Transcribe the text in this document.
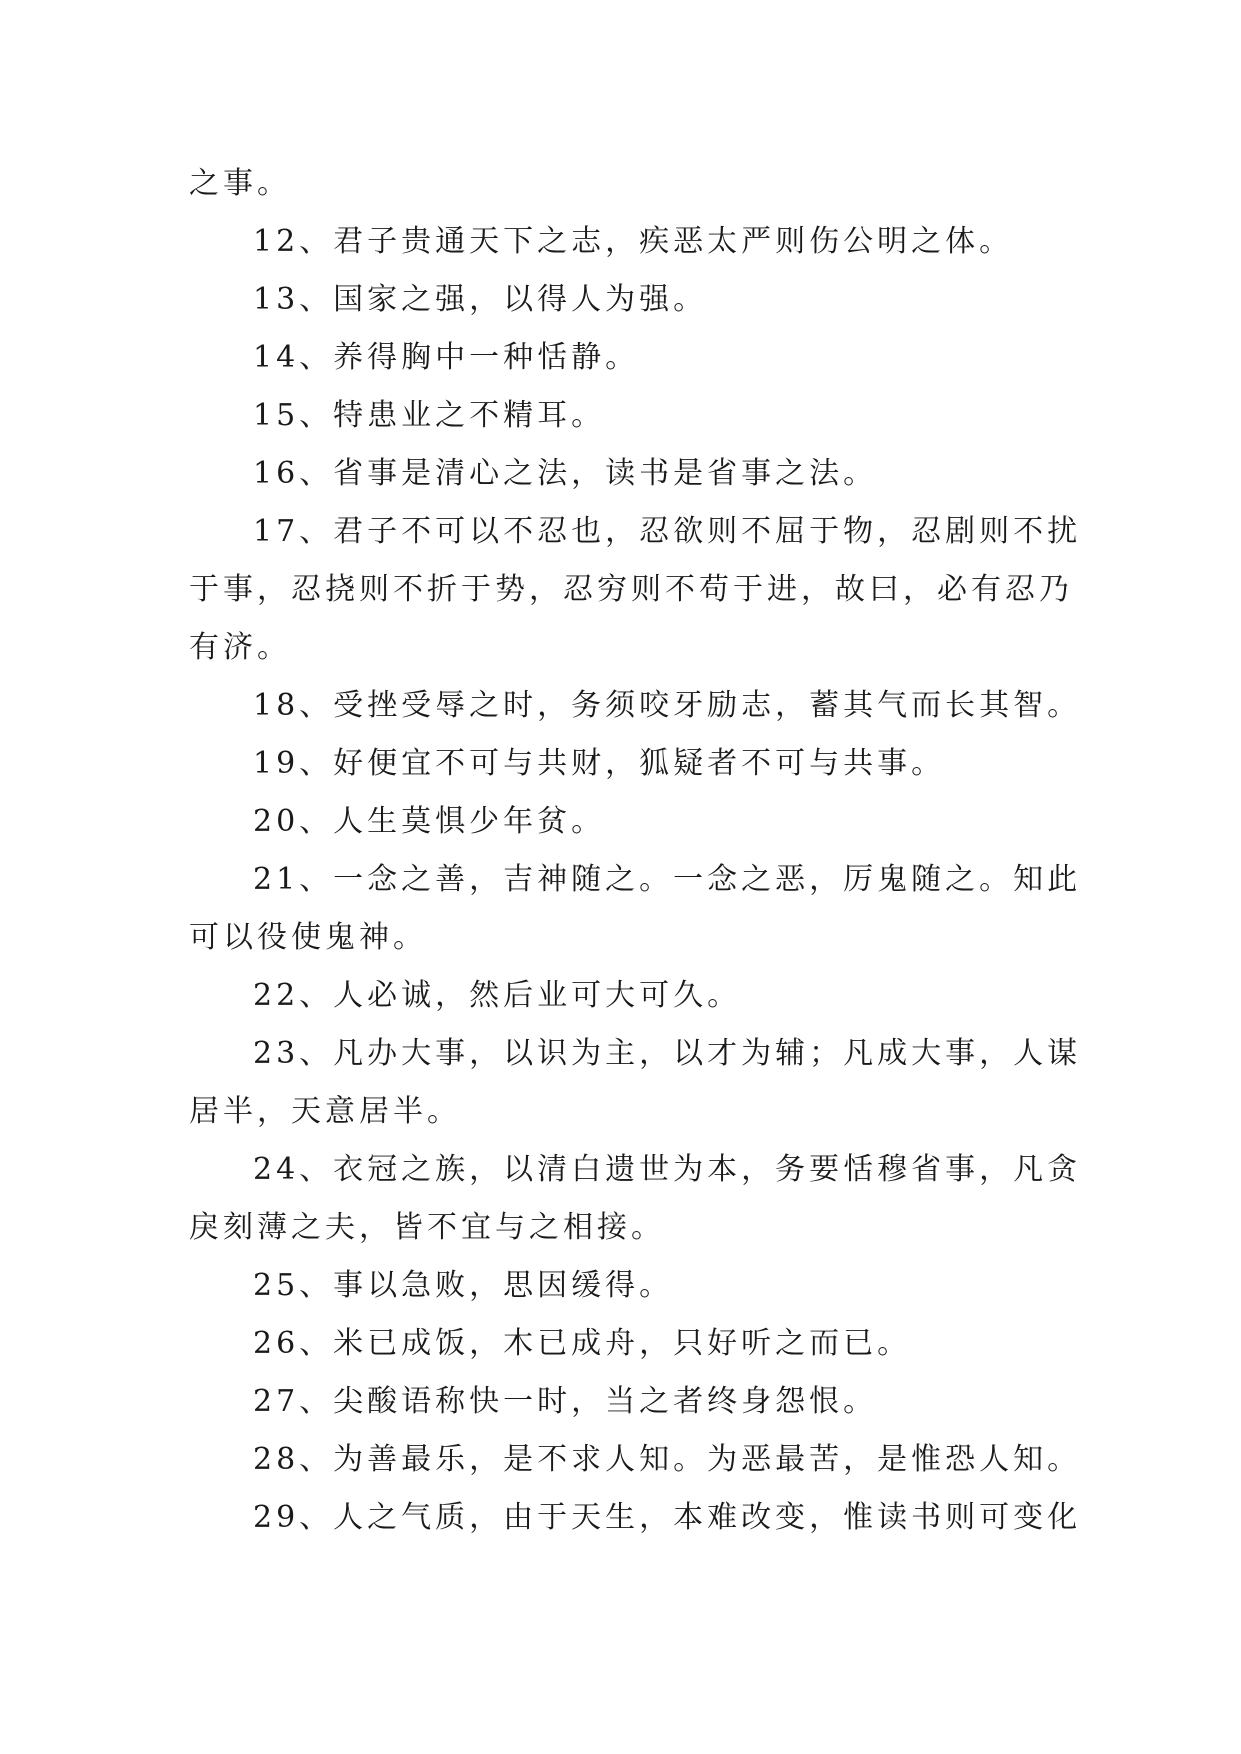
之事。

12、君子贵通天下之志，疾恶太严则伤公明之体。

13、国家之强，以得人为强。

14、养得胸中一种恬静。

15、特患业之不精耳。

16、省事是清心之法，读书是省事之法。

17、君子不可以不忍也，忍欲则不屈于物，忍剧则不扰

于事，忍挠则不折于势，忍穷则不苟于进，故曰，必有忍乃

有济。

18、受挫受辱之时，务须咬牙励志，蓄其气而长其智。

19、好便宜不可与共财，狐疑者不可与共事。

20、人生莫惧少年贫。

21、一念之善，吉神随之。一念之恶，厉鬼随之。知此

可以役使鬼神。

22、人必诚，然后业可大可久。

23、凡办大事，以识为主，以才为辅；凡成大事，人谋

居半，天意居半。

24、衣冠之族，以清白遗世为本，务要恬穆省事，凡贪

戾刻薄之夫，皆不宜与之相接。

25、事以急败，思因缓得。

26、米已成饭，木已成舟，只好听之而已。

27、尖酸语称快一时，当之者终身怨恨。

28、为善最乐，是不求人知。为恶最苦，是惟恐人知。

29、人之气质，由于天生，本难改变，惟读书则可变化
